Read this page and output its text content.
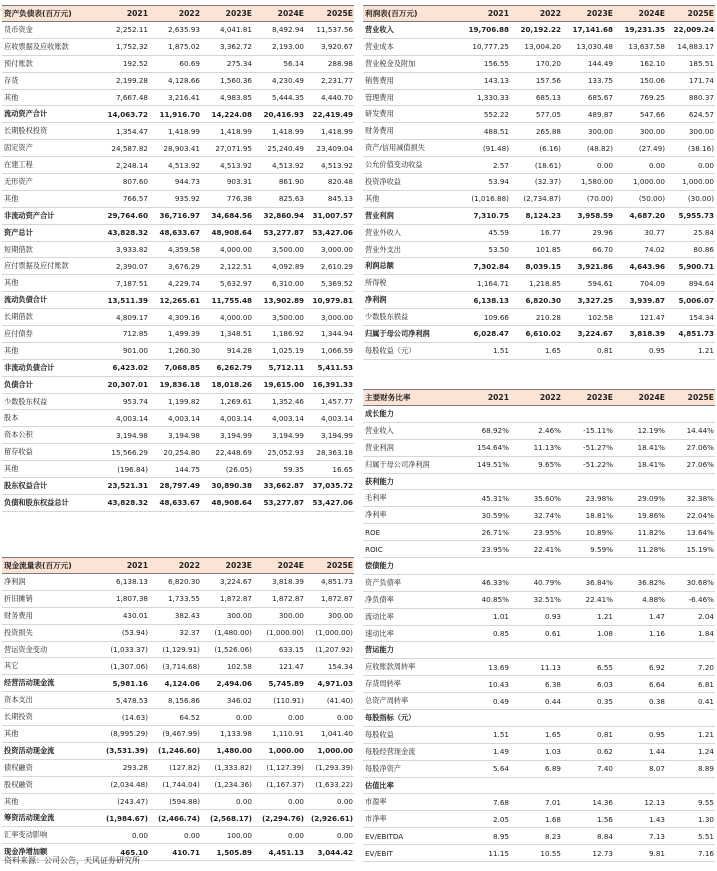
资产负债表(百万元)	2021	2022	2023E	2024E	2025E
货币资金	2,252.11	2,635.93	4,041.81	8,492.94	11,537.56
应收票据及应收账款	1,752.32	1,875.02	3,362.72	2,193.00	3,920.67
预付账款	192.52	60.69	275.34	56.14	288.98
存货	2,199.28	4,128.66	1,560.36	4,230.49	2,231.77
其他	7,667.48	3,216.41	4,983.85	5,444.35	4,440.70
流动资产合计	14,063.72	11,916.70	14,224.08	20,416.93	22,419.49
长期股权投资	1,354.47	1,418.99	1,418.99	1,418.99	1,418.99
固定资产	24,587.82	28,903.41	27,071.95	25,240.49	23,409.04
在建工程	2,248.14	4,513.92	4,513.92	4,513.92	4,513.92
无形资产	807.60	944.73	903.31	861.90	820.48
其他	766.57	935.92	776.38	825.63	845.13
非流动资产合计	29,764.60	36,716.97	34,684.56	32,860.94	31,007.57
资产总计	43,828.32	48,633.67	48,908.64	53,277.87	53,427.06
短期借款	3,933.82	4,359.58	4,000.00	3,500.00	3,000.00
应付票据及应付账款	2,390.07	3,676.29	2,122.51	4,092.89	2,610.29
其他	7,187.51	4,229.74	5,632.97	6,310.00	5,369.52
流动负债合计	13,511.39	12,265.61	11,755.48	13,902.89	10,979.81
长期借款	4,809.17	4,309.16	4,000.00	3,500.00	3,000.00
应付债券	712.85	1,499.39	1,348.51	1,186.92	1,344.94
其他	901.00	1,260.30	914.28	1,025.19	1,066.59
非流动负债合计	6,423.02	7,068.85	6,262.79	5,712.11	5,411.53
负债合计	20,307.01	19,836.18	18,018.26	19,615.00	16,391.33
少数股东权益	953.74	1,199.82	1,269.61	1,352.46	1,457.77
股本	4,003.14	4,003.14	4,003.14	4,003.14	4,003.14
资本公积	3,194.98	3,194.98	3,194.99	3,194.99	3,194.99
留存收益	15,566.29	20,254.80	22,448.69	25,052.93	28,363.18
其他	(196.84)	144.75	(26.05)	59.35	16.65
股东权益合计	23,521.31	28,797.49	30,890.38	33,662.87	37,035.72
负债和股东权益总计	43,828.32	48,633.67	48,908.64	53,277.87	53,427.06
利润表(百万元)	2021	2022	2023E	2024E	2025E
营业收入	19,706.88	20,192.22	17,141.68	19,231.35	22,009.24
营业成本	10,777.25	13,004.20	13,030.48	13,637.58	14,883.17
营业税金及附加	156.55	170.20	144.49	162.10	185.51
销售费用	143.13	157.56	133.75	150.06	171.74
管理费用	1,330.33	685.13	685.67	769.25	880.37
研发费用	552.22	577.05	489.87	547.66	624.57
财务费用	488.51	265.88	300.00	300.00	300.00
资产/信用减值损失	(91.48)	(6.16)	(48.82)	(27.49)	(38.16)
公允价值变动收益	2.57	(18.61)	0.00	0.00	0.00
投资净收益	53.94	(32.37)	1,580.00	1,000.00	1,000.00
其他	(1,016.88)	(2,734.87)	(70.00)	(50.00)	(30.00)
营业利润	7,310.75	8,124.23	3,958.59	4,687.20	5,955.73
营业外收入	45.59	16.77	29.96	30.77	25.84
营业外支出	53.50	101.85	66.70	74.02	80.86
利润总额	7,302.84	8,039.15	3,921.86	4,643.96	5,900.71
所得税	1,164.71	1,218.85	594.61	704.09	894.64
净利润	6,138.13	6,820.30	3,327.25	3,939.87	5,006.07
少数股东损益	109.66	210.28	102.58	121.47	154.34
归属于母公司净利润	6,028.47	6,610.02	3,224.67	3,818.39	4,851.73
每股收益（元）	1.51	1.65	0.81	0.95	1.21
现金流量表(百万元)	2021	2022	2023E	2024E	2025E
净利润	6,138.13	6,820.30	3,224.67	3,818.39	4,851.73
折旧摊销	1,807.38	1,733.55	1,872.87	1,872.87	1,872.87
财务费用	430.01	382.43	300.00	300.00	300.00
投资损失	(53.94)	32.37	(1,480.00)	(1,000.00)	(1,000.00)
营运资金变动	(1,033.37)	(1,129.91)	(1,526.06)	633.15	(1,207.92)
其它	(1,307.06)	(3,714.68)	102.58	121.47	154.34
经营活动现金流	5,981.16	4,124.06	2,494.06	5,745.89	4,971.03
资本支出	5,478.53	8,156.86	346.02	(110.91)	(41.40)
长期投资	(14.63)	64.52	0.00	0.00	0.00
其他	(8,995.29)	(9,467.99)	1,133.98	1,110.91	1,041.40
投资活动现金流	(3,531.39)	(1,246.60)	1,480.00	1,000.00	1,000.00
债权融资	293.28	(127.82)	(1,333.82)	(1,127.39)	(1,293.39)
股权融资	(2,034.48)	(1,744.04)	(1,234.36)	(1,167.37)	(1,633.22)
其他	(243.47)	(594.88)	0.00	0.00	0.00
筹资活动现金流	(1,984.67)	(2,466.74)	(2,568.17)	(2,294.76) (2,926.61)
汇率变动影响	0.00	0.00	100.00	0.00	0.00
现金净增加额	465.10	410.71	1,505.89	4,451.13	3,044.42
主要财务比率	2021	2022	2023E	2024E	2025E
成长能力
营业收入	68.92%	2.46%	-15.11%	12.19%	14.44%
营业利润	154.64%	11.13%	-51.27%	18.41%	27.06%
归属于母公司净利润	149.51%	9.65%	-51.22%	18.41%	27.06%
获利能力
毛利率	45.31%	35.60%	23.98%	29.09%	32.38%
净利率	30.59%	32.74%	18.81%	19.86%	22.04%
ROE	26.71%	23.95%	10.89%	11.82%	13.64%
ROIC	23.95%	22.41%	9.59%	11.28%	15.19%
偿债能力
资产负债率	46.33%	40.79%	36.84%	36.82%	30.68%
净负债率	40.85%	32.51%	22.41%	4.88%	-6.46%
流动比率	1.01	0.93	1.21	1.47	2.04
速动比率	0.85	0.61	1.08	1.16	1.84
营运能力
应收账款周转率	13.69	11.13	6.55	6.92	7.20
存货周转率	10.43	6.38	6.03	6.64	6.81
总资产周转率	0.49	0.44	0.35	0.38	0.41
每股指标（元）
每股收益	1.51	1.65	0.81	0.95	1.21
每股经营现金流	1.49	1.03	0.62	1.44	1.24
每股净资产	5.64	6.89	7.40	8.07	8.89
估值比率
市盈率	7.68	7.01	14.36	12.13	9.55
市净率	2.05	1.68	1.56	1.43	1.30
EV/EBITDA	8.95	8.23	8.84	7.13	5.51
EV/EBIT	11.15	10.55	12.73	9.81	7.16
资料来源：公司公告，天风证券研究所
